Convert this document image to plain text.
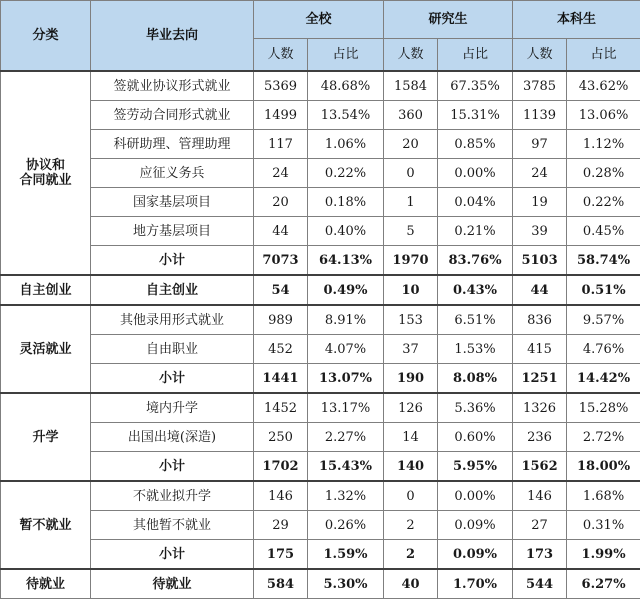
分类	毕业去向	全校		研究生		本科生	
		人数	占比	人数	占比	人数	占比

协议和
合同就业	签就业协议形式就业	5369	48.68%	1584	67.35%	3785	43.62%
	签劳动合同形式就业	1499	13.54%	360	15.31%	1139	13.06%
	科研助理、管理助理	117	1.06%	20	0.85%	97	1.12%
	应征义务兵	24	0.22%	0	0.00%	24	0.28%
	国家基层项目	20	0.18%	1	0.04%	19	0.22%
	地方基层项目	44	0.40%	5	0.21%	39	0.45%
	小计	7073	64.13%	1970	83.76%	5103	58.74%

自主创业	自主创业	54	0.49%	10	0.43%	44	0.51%

灵活就业	其他录用形式就业	989	8.91%	153	6.51%	836	9.57%
	自由职业	452	4.07%	37	1.53%	415	4.76%
	小计	1441	13.07%	190	8.08%	1251	14.42%

升学	境内升学	1452	13.17%	126	5.36%	1326	15.28%
	出国出境(深造)	250	2.27%	14	0.60%	236	2.72%
	小计	1702	15.43%	140	5.95%	1562	18.00%

暂不就业	不就业拟升学	146	1.32%	0	0.00%	146	1.68%
	其他暂不就业	29	0.26%	2	0.09%	27	0.31%
	小计	175	1.59%	2	0.09%	173	1.99%

待就业	待就业	584	5.30%	40	1.70%	544	6.27%
